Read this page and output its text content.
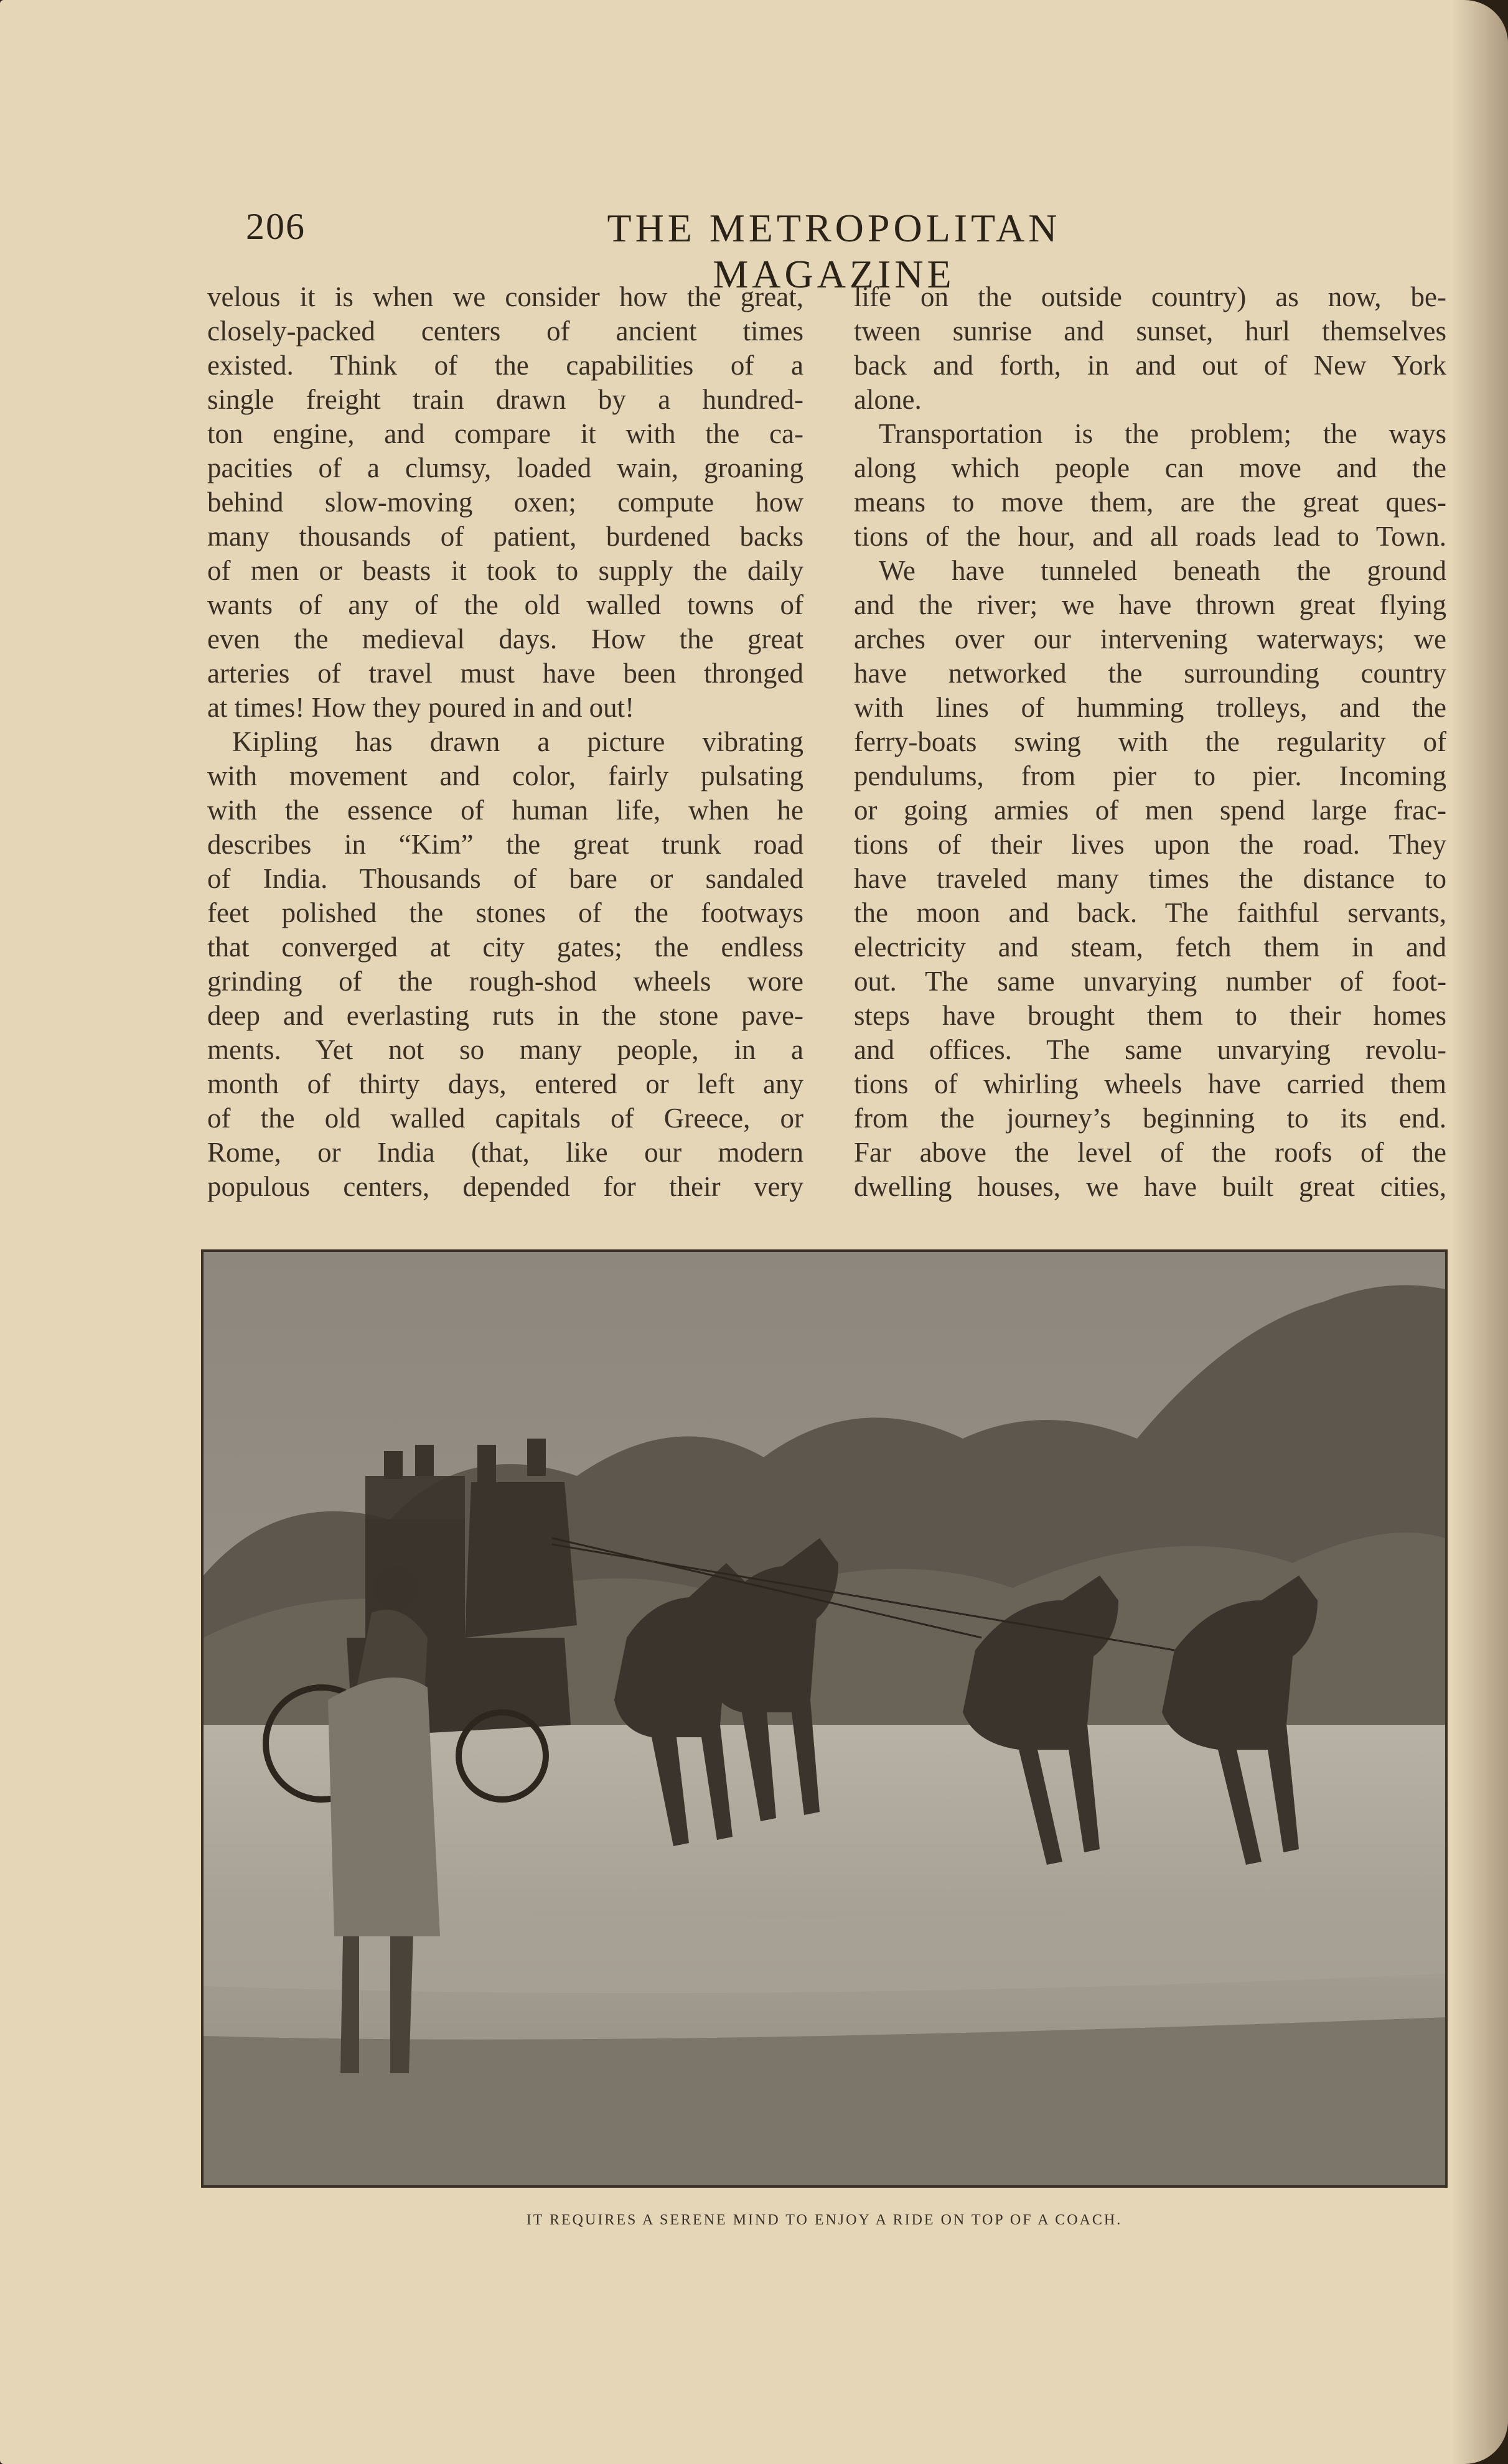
206	THE METROPOLITAN MAGAZINE
velous it is when we consider how the great,
closely-packed centers of ancient times
existed. Think of the capabilities of a
single freight train drawn by a hundred-
ton engine, and compare it with the ca-
pacities of a clumsy, loaded wain, groaning
behind slow-moving oxen; compute how
many thousands of patient, burdened backs
of men or beasts it took to supply the daily
wants of any of the old walled towns of
even the medieval days. How the great
arteries of travel must have been thronged
at times! How they poured in and out!
Kipling has drawn a picture vibrating
with movement and color, fairly pulsating
with the essence of human life, when he
describes in “Kim” the great trunk road
of India. Thousands of bare or sandaled
feet polished the stones of the footways
that converged at city gates; the endless
grinding of the rough-shod wheels wore
deep and everlasting ruts in the stone pave-
ments. Yet not so many people, in a
month of thirty days, entered or left any
of the old walled capitals of Greece, or
Rome, or India (that, like our modern
populous centers, depended for their very
life on the outside country) as now, be-
tween sunrise and sunset, hurl themselves
back and forth, in and out of New York
alone.
Transportation is the problem; the ways
along which people can move and the
means to move them, are the great ques-
tions of the hour, and all roads lead to Town.
We have tunneled beneath the ground
and the river; we have thrown great flying
arches over our intervening waterways; we
have networked the surrounding country
with lines of humming trolleys, and the
ferry-boats swing with the regularity of
pendulums, from pier to pier. Incoming
or going armies of men spend large frac-
tions of their lives upon the road. They
have traveled many times the distance to
the moon and back. The faithful servants,
electricity and steam, fetch them in and
out. The same unvarying number of foot-
steps have brought them to their homes
and offices. The same unvarying revolu-
tions of whirling wheels have carried them
from the journey’s beginning to its end.
Far above the level of the roofs of the
dwelling houses, we have built great cities,
IT REQUIRES A SERENE MIND TO ENJOY A RIDE ON TOP OF A COACH.
